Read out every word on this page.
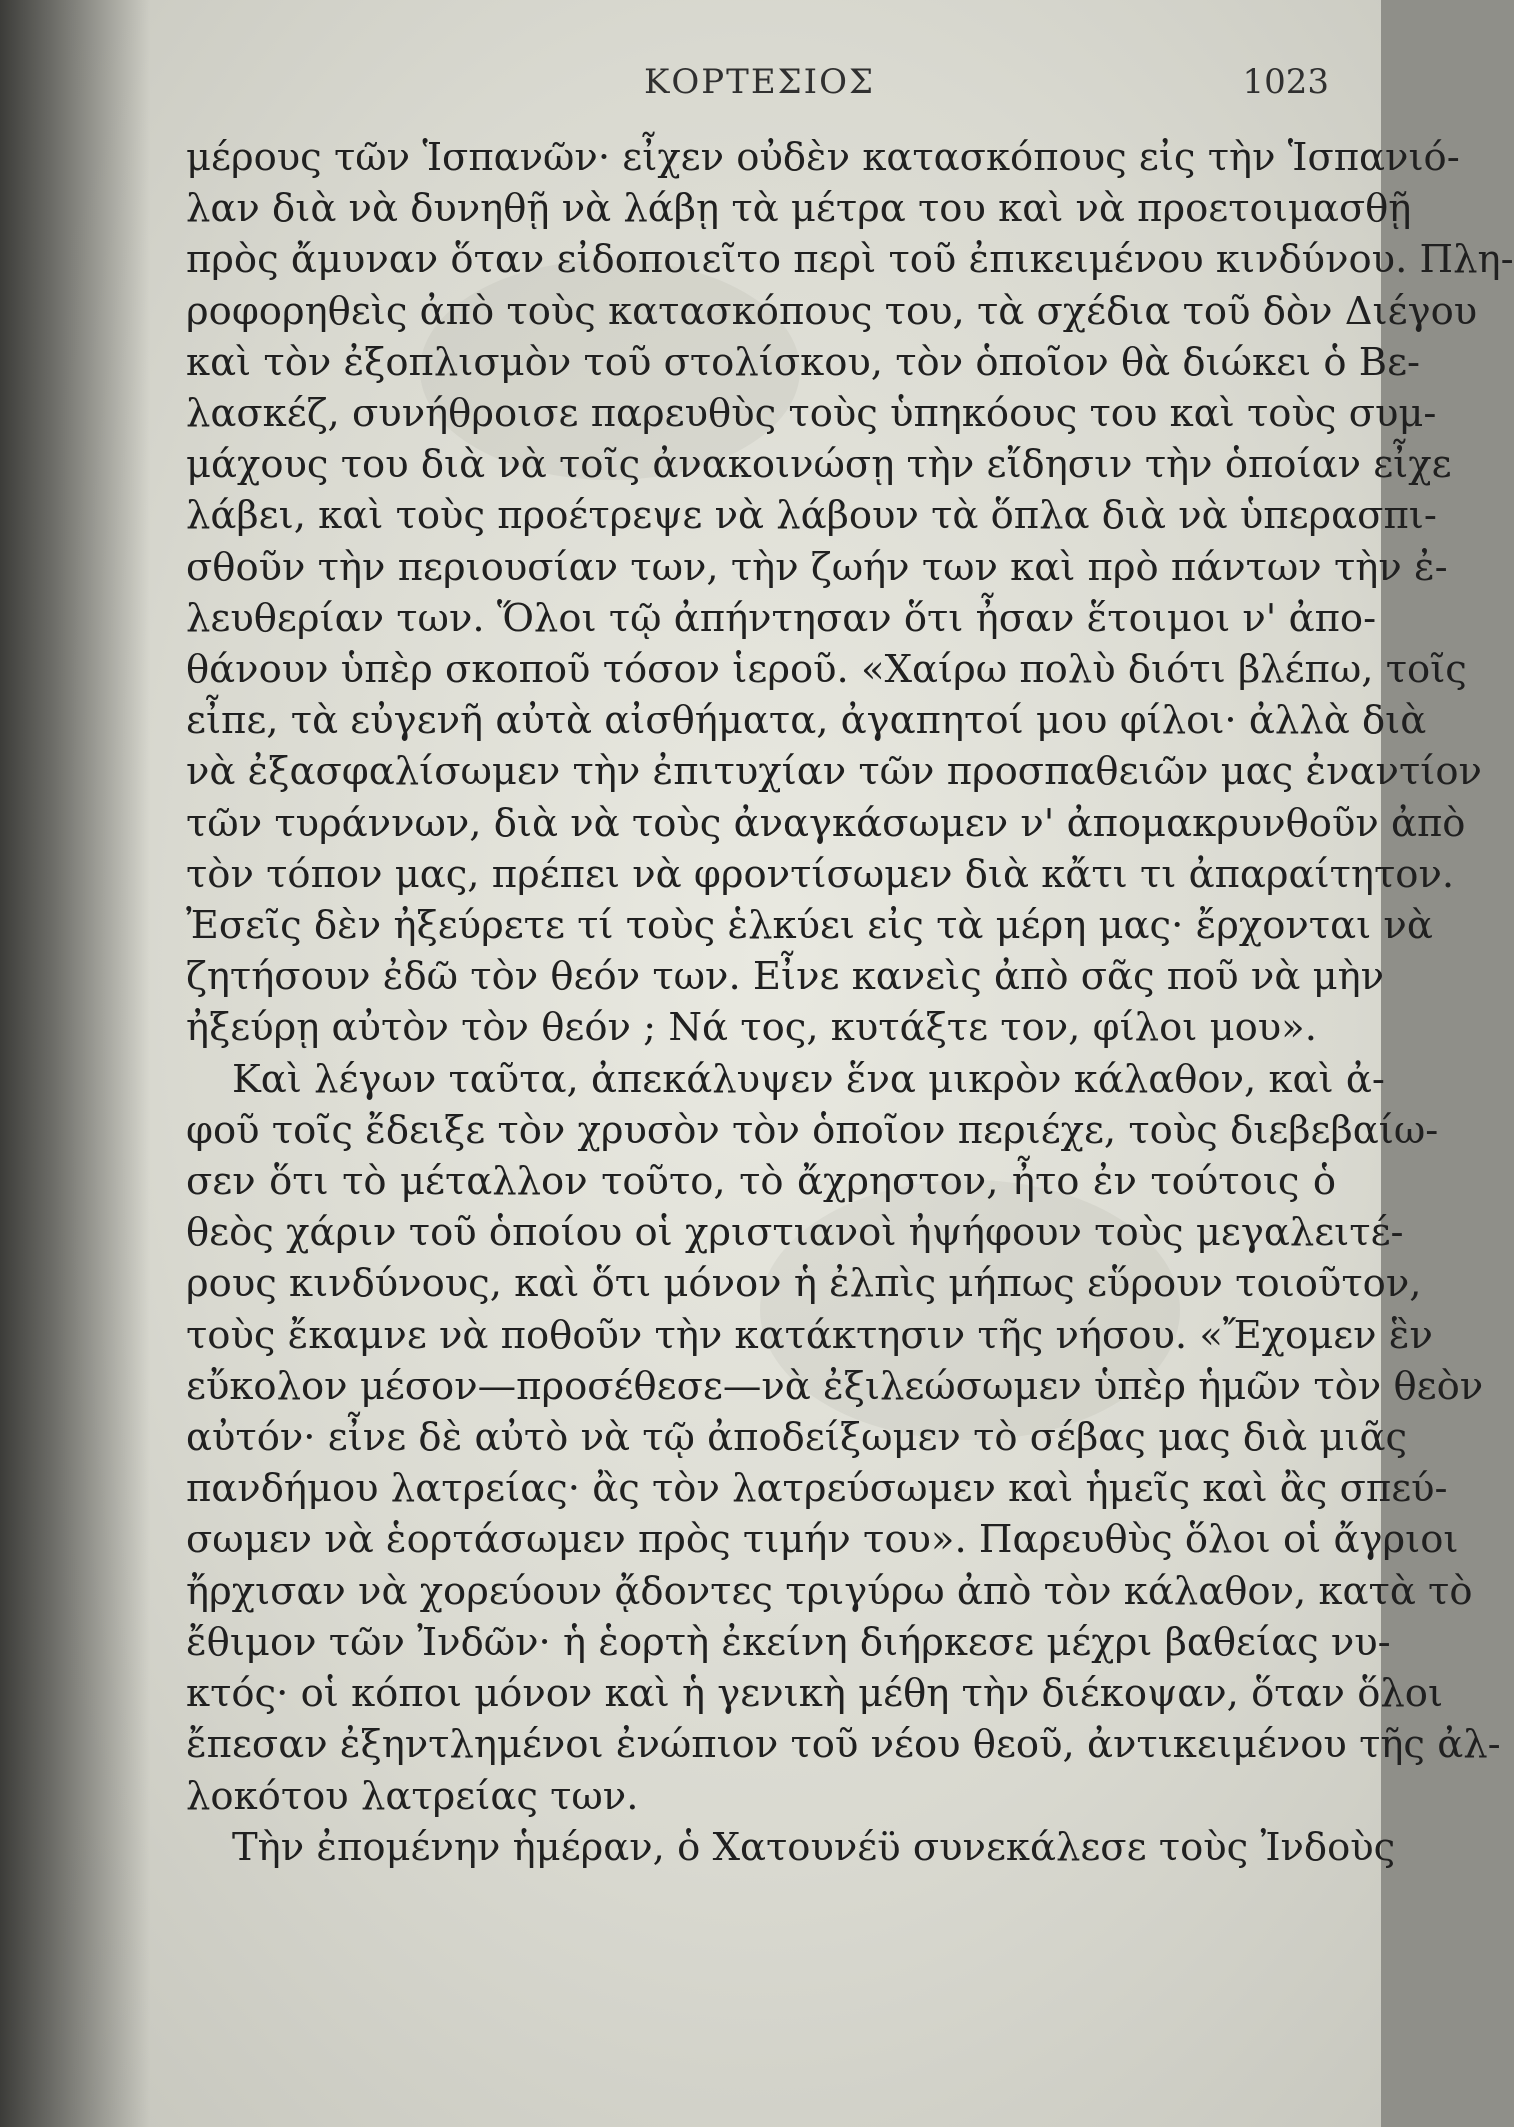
ΚΟΡΤΕΣΙΟΣ	1023
μέρους τῶν Ἱσπανῶν· εἶχεν οὐδὲν κατασκόπους εἰς τὴν Ἱσπανιό-
λαν διὰ νὰ δυνηθῇ νὰ λάβῃ τὰ μέτρα του καὶ νὰ προετοιμασθῇ
πρὸς ἄμυναν ὅταν εἰδοποιεῖτο περὶ τοῦ ἐπικειμένου κινδύνου. Πλη-
ροφορηθεὶς ἀπὸ τοὺς κατασκόπους του, τὰ σχέδια τοῦ δὸν Διέγου
καὶ τὸν ἐξοπλισμὸν τοῦ στολίσκου, τὸν ὁποῖον θὰ διώκει ὁ Βε-
λασκέζ, συνήθροισε παρευθὺς τοὺς ὑπηκόους του καὶ τοὺς συμ-
μάχους του διὰ νὰ τοῖς ἀνακοινώσῃ τὴν εἴδησιν τὴν ὁποίαν εἶχε
λάβει, καὶ τοὺς προέτρεψε νὰ λάβουν τὰ ὅπλα διὰ νὰ ὑπερασπι-
σθοῦν τὴν περιουσίαν των, τὴν ζωήν των καὶ πρὸ πάντων τὴν ἐ-
λευθερίαν των. Ὅλοι τῷ ἀπήντησαν ὅτι ἦσαν ἕτοιμοι ν' ἀπο-
θάνουν ὑπὲρ σκοποῦ τόσον ἱεροῦ. «Χαίρω πολὺ διότι βλέπω, τοῖς
εἶπε, τὰ εὐγενῆ αὐτὰ αἰσθήματα, ἀγαπητοί μου φίλοι· ἀλλὰ διὰ
νὰ ἐξασφαλίσωμεν τὴν ἐπιτυχίαν τῶν προσπαθειῶν μας ἐναντίον
τῶν τυράννων, διὰ νὰ τοὺς ἀναγκάσωμεν ν' ἀπομακρυνθοῦν ἀπὸ
τὸν τόπον μας, πρέπει νὰ φροντίσωμεν διὰ κἄτι τι ἀπαραίτητον.
Ἐσεῖς δὲν ἠξεύρετε τί τοὺς ἑλκύει εἰς τὰ μέρη μας· ἔρχονται νὰ
ζητήσουν ἐδῶ τὸν θεόν των. Εἶνε κανεὶς ἀπὸ σᾶς ποῦ νὰ μὴν
ἠξεύρῃ αὐτὸν τὸν θεόν ; Νά τος, κυτάξτε τον, φίλοι μου».
Καὶ λέγων ταῦτα, ἀπεκάλυψεν ἕνα μικρὸν κάλαθον, καὶ ἀ-
φοῦ τοῖς ἔδειξε τὸν χρυσὸν τὸν ὁποῖον περιέχε, τοὺς διεβεβαίω-
σεν ὅτι τὸ μέταλλον τοῦτο, τὸ ἄχρηστον, ἦτο ἐν τούτοις ὁ
θεὸς χάριν τοῦ ὁποίου οἱ χριστιανοὶ ἠψήφουν τοὺς μεγαλειτέ-
ρους κινδύνους, καὶ ὅτι μόνον ἡ ἐλπὶς μήπως εὕρουν τοιοῦτον,
τοὺς ἔκαμνε νὰ ποθοῦν τὴν κατάκτησιν τῆς νήσου. «Ἔχομεν ἓν
εὔκολον μέσον—προσέθεσε—νὰ ἐξιλεώσωμεν ὑπὲρ ἡμῶν τὸν θεὸν
αὐτόν· εἶνε δὲ αὐτὸ νὰ τῷ ἀποδείξωμεν τὸ σέβας μας διὰ μιᾶς
πανδήμου λατρείας· ἂς τὸν λατρεύσωμεν καὶ ἡμεῖς καὶ ἂς σπεύ-
σωμεν νὰ ἑορτάσωμεν πρὸς τιμήν του». Παρευθὺς ὅλοι οἱ ἄγριοι
ἤρχισαν νὰ χορεύουν ᾄδοντες τριγύρω ἀπὸ τὸν κάλαθον, κατὰ τὸ
ἔθιμον τῶν Ἰνδῶν· ἡ ἑορτὴ ἐκείνη διήρκεσε μέχρι βαθείας νυ-
κτός· οἱ κόποι μόνον καὶ ἡ γενικὴ μέθη τὴν διέκοψαν, ὅταν ὅλοι
ἔπεσαν ἐξηντλημένοι ἐνώπιον τοῦ νέου θεοῦ, ἀντικειμένου τῆς ἀλ-
λοκότου λατρείας των.
Τὴν ἐπομένην ἡμέραν, ὁ Χατουνέϋ συνεκάλεσε τοὺς Ἰνδοὺς
